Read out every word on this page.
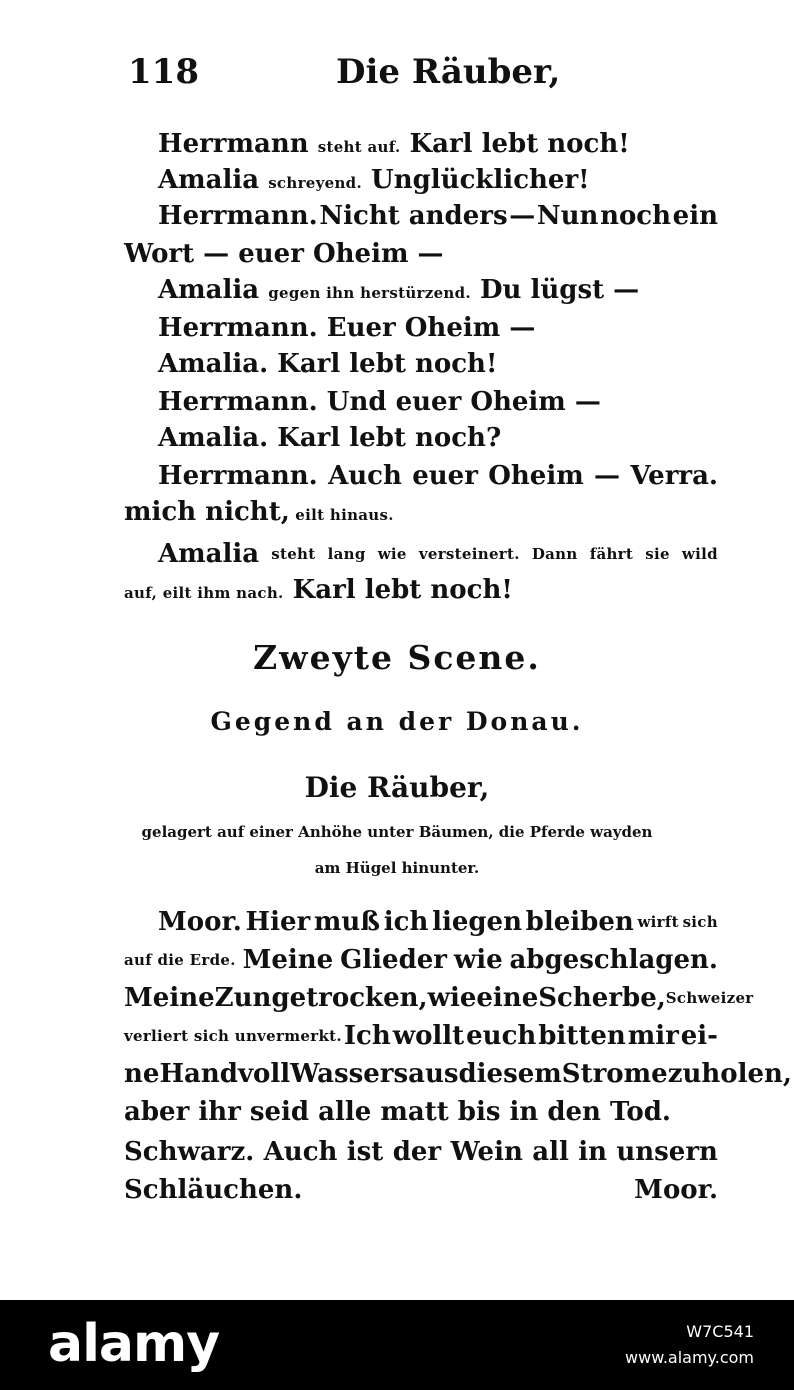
118	Die Räuber,
Herrmann steht auf. Karl lebt noch!
Amalia schreyend. Unglücklicher!
Herrmann. Nicht anders — Nun noch ein
Wort — euer Oheim —
Amalia gegen ihn herstürzend. Du lügst —
Herrmann. Euer Oheim —
Amalia. Karl lebt noch!
Herrmann. Und euer Oheim —
Amalia. Karl lebt noch?
Herrmann. Auch euer Oheim — Verra.
mich nicht, eilt hinaus.
Amalia steht lang wie versteinert. Dann fährt sie wild
auf, eilt ihm nach. Karl lebt noch!
Zweyte Scene.
Gegend an der Donau.
Die Räuber,
gelagert auf einer Anhöhe unter Bäumen, die Pferde wayden
am Hügel hinunter.
Moor. Hier muß ich liegen bleiben wirft sich
auf die Erde. Meine Glieder wie abgeschlagen.
Meine Zunge trocken, wie eine Scherbe, Schweizer
verliert sich unvermerkt. Ich wollt euch bitten mir ei-
ne Handvoll Wassers aus diesem Strome zu holen,
aber ihr seid alle matt bis in den Tod.
Schwarz. Auch ist der Wein all in unsern
Schläuchen.	Moor.
alamy	W7C541
www.alamy.com
